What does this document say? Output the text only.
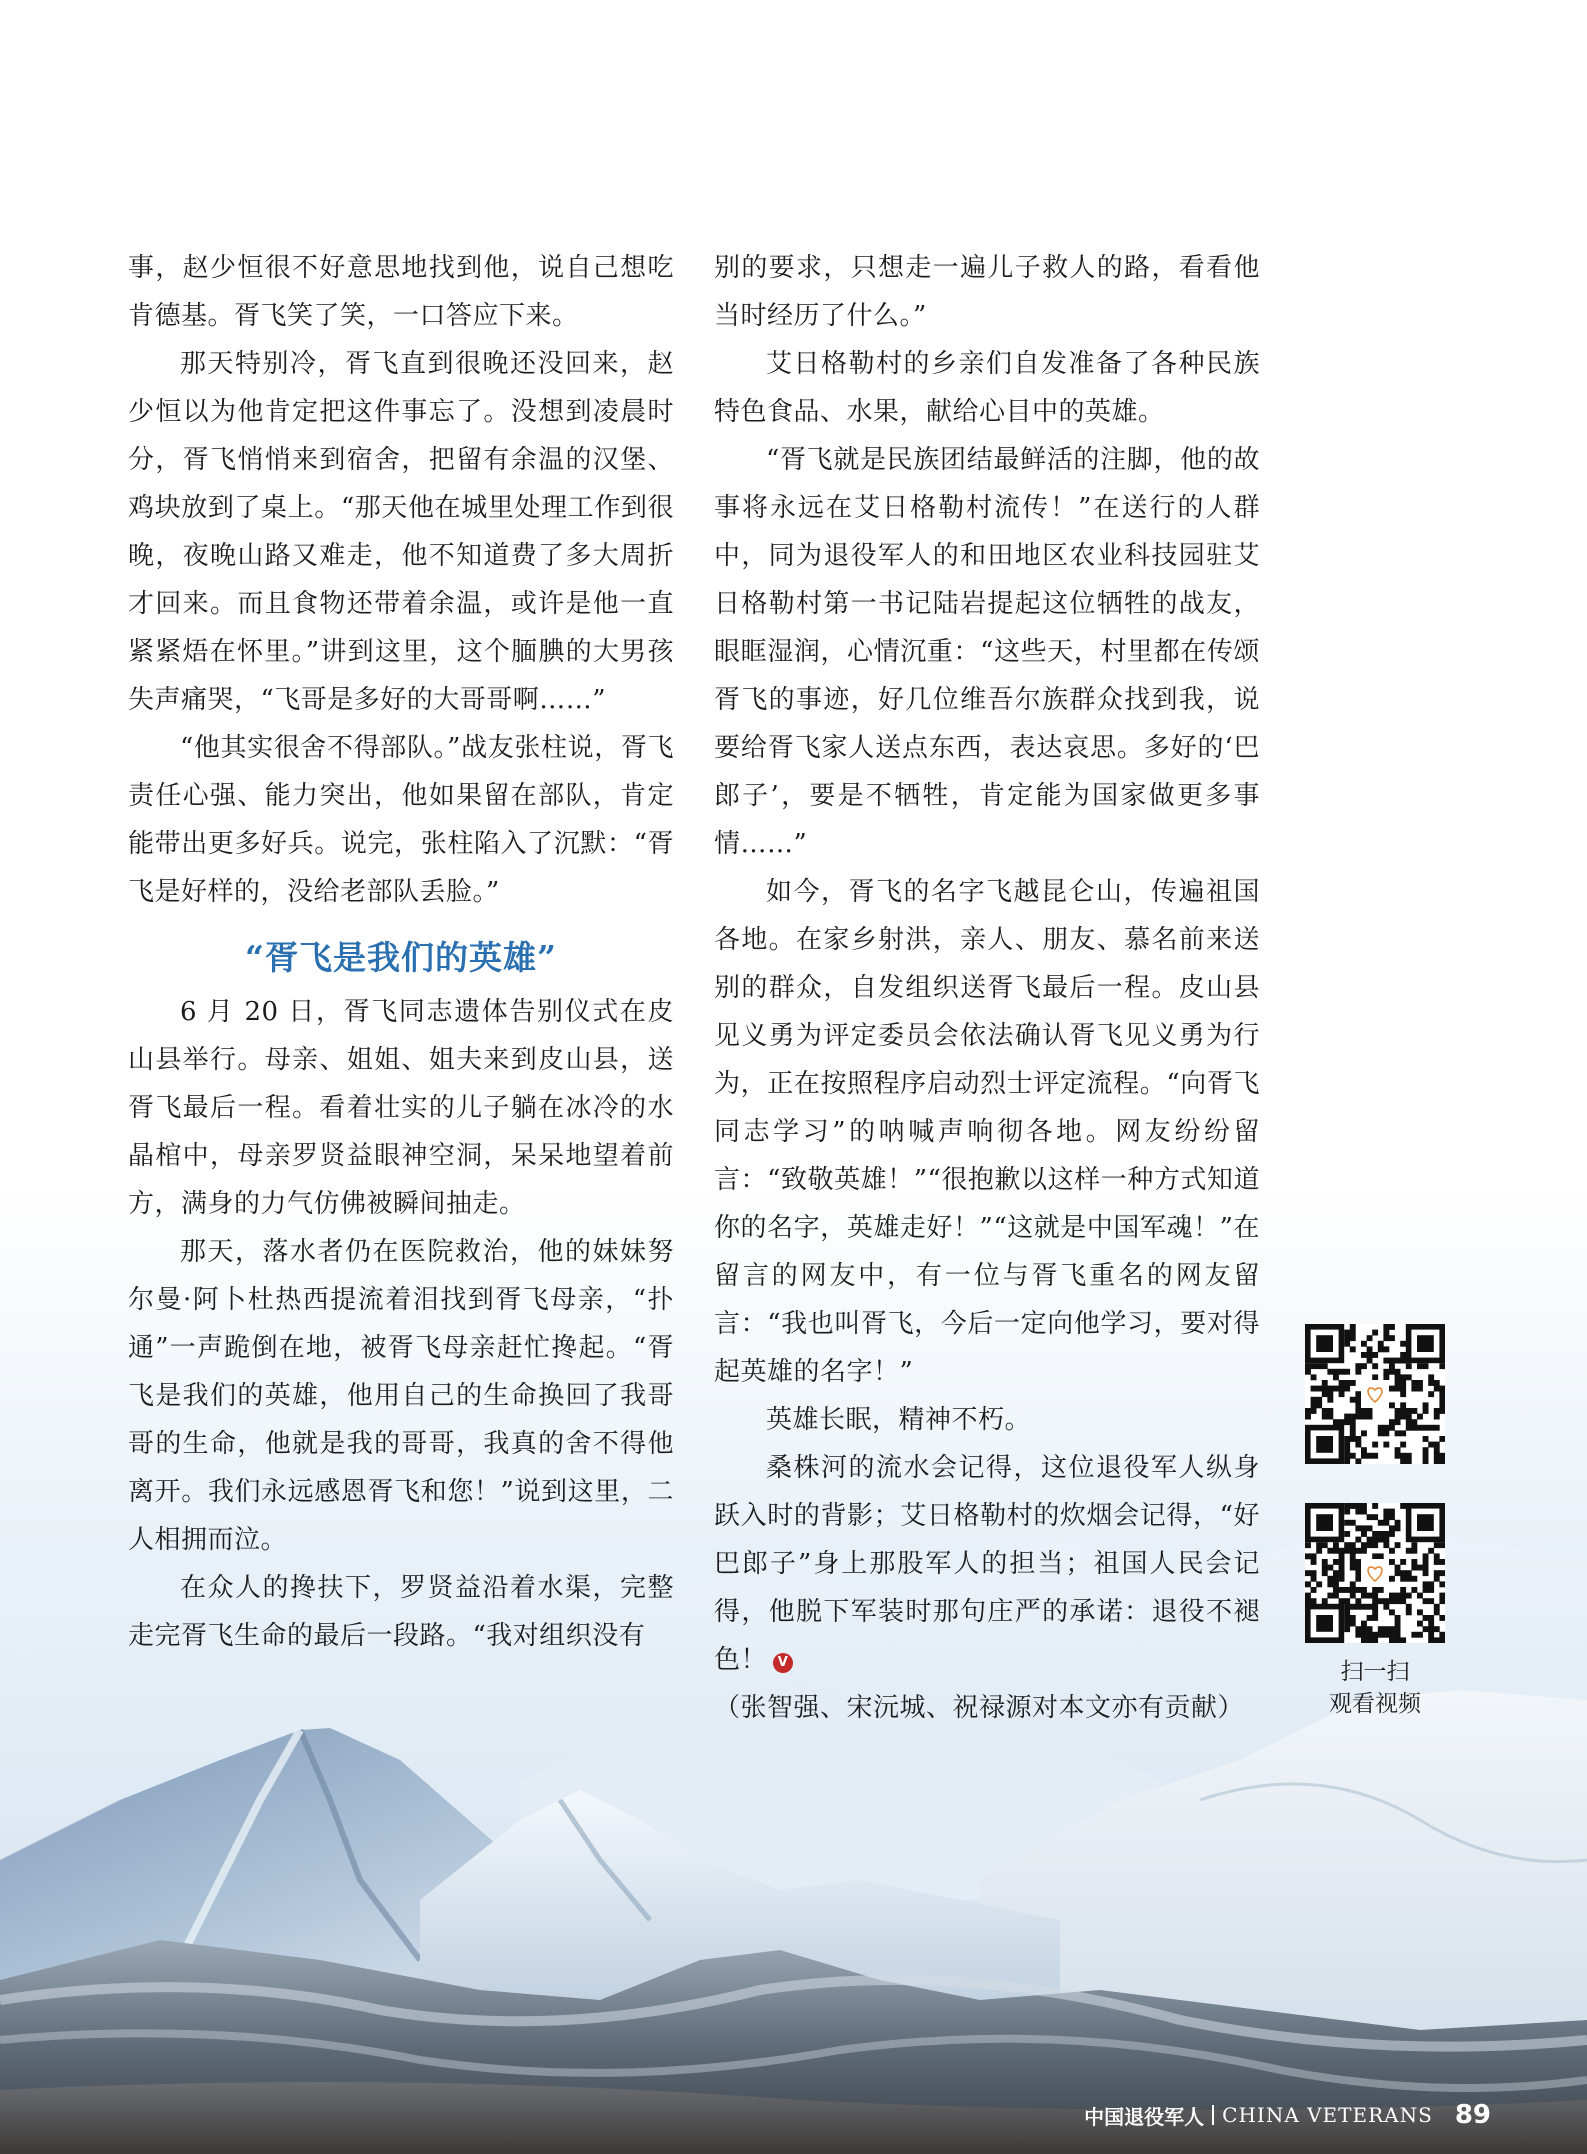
事，赵少恒很不好意思地找到他，说自己想吃肯德基。胥飞笑了笑，一口答应下来。

那天特别冷，胥飞直到很晚还没回来，赵少恒以为他肯定把这件事忘了。没想到凌晨时分，胥飞悄悄来到宿舍，把留有余温的汉堡、鸡块放到了桌上。“那天他在城里处理工作到很晚，夜晚山路又难走，他不知道费了多大周折才回来。而且食物还带着余温，或许是他一直紧紧焐在怀里。”讲到这里，这个腼腆的大男孩失声痛哭，“飞哥是多好的大哥哥啊……”

“他其实很舍不得部队。”战友张柱说，胥飞责任心强、能力突出，他如果留在部队，肯定能带出更多好兵。说完，张柱陷入了沉默：“胥飞是好样的，没给老部队丢脸。”

“胥飞是我们的英雄”

6 月 20 日，胥飞同志遗体告别仪式在皮山县举行。母亲、姐姐、姐夫来到皮山县，送胥飞最后一程。看着壮实的儿子躺在冰冷的水晶棺中，母亲罗贤益眼神空洞，呆呆地望着前方，满身的力气仿佛被瞬间抽走。

那天，落水者仍在医院救治，他的妹妹努尔曼·阿卜杜热西提流着泪找到胥飞母亲，“扑通”一声跪倒在地，被胥飞母亲赶忙搀起。“胥飞是我们的英雄，他用自己的生命换回了我哥哥的生命，他就是我的哥哥，我真的舍不得他离开。我们永远感恩胥飞和您！”说到这里，二人相拥而泣。

在众人的搀扶下，罗贤益沿着水渠，完整走完胥飞生命的最后一段路。“我对组织没有

别的要求，只想走一遍儿子救人的路，看看他当时经历了什么。”

艾日格勒村的乡亲们自发准备了各种民族特色食品、水果，献给心目中的英雄。

“胥飞就是民族团结最鲜活的注脚，他的故事将永远在艾日格勒村流传！”在送行的人群中，同为退役军人的和田地区农业科技园驻艾日格勒村第一书记陆岩提起这位牺牲的战友，眼眶湿润，心情沉重：“这些天，村里都在传颂胥飞的事迹，好几位维吾尔族群众找到我，说要给胥飞家人送点东西，表达哀思。多好的‘巴郎子’，要是不牺牲，肯定能为国家做更多事情……”

如今，胥飞的名字飞越昆仑山，传遍祖国各地。在家乡射洪，亲人、朋友、慕名前来送别的群众，自发组织送胥飞最后一程。皮山县见义勇为评定委员会依法确认胥飞见义勇为行为，正在按照程序启动烈士评定流程。“向胥飞同志学习”的呐喊声响彻各地。网友纷纷留言：“致敬英雄！”“很抱歉以这样一种方式知道你的名字，英雄走好！”“这就是中国军魂！”在留言的网友中，有一位与胥飞重名的网友留言：“我也叫胥飞，今后一定向他学习，要对得起英雄的名字！”

英雄长眠，精神不朽。

桑株河的流水会记得，这位退役军人纵身跃入时的背影；艾日格勒村的炊烟会记得，“好巴郎子”身上那股军人的担当；祖国人民会记得，他脱下军装时那句庄严的承诺：退役不褪色！ V

（张智强、宋沅城、祝禄源对本文亦有贡献）

扫一扫
观看视频
中国退役军人 CHINA VETERANS 89
